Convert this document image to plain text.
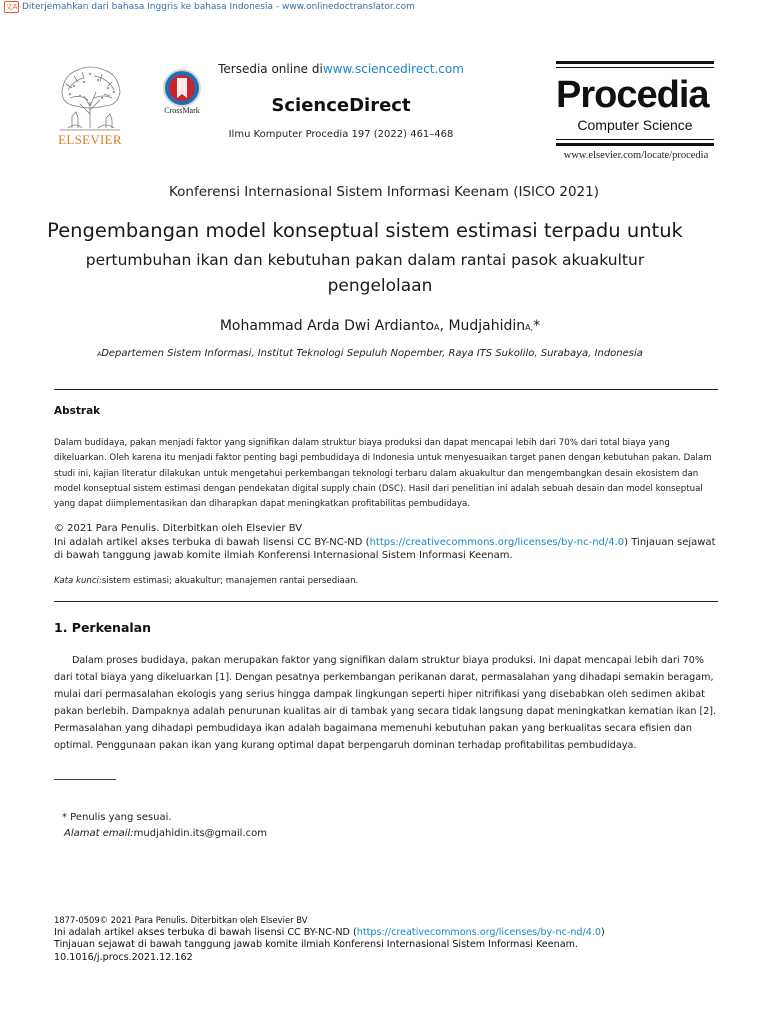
文A Diterjemahkan dari bahasa Inggris ke bahasa Indonesia - www.onlinedoctranslator.com
ELSEVIER
CrossMark
Tersedia online diwww.sciencedirect.com
ScienceDirect
Ilmu Komputer Procedia 197 (2022) 461–468
Procedia
Computer Science
www.elsevier.com/locate/procedia
Konferensi Internasional Sistem Informasi Keenam (ISICO 2021)
Pengembangan model konseptual sistem estimasi terpadu untuk
pertumbuhan ikan dan kebutuhan pakan dalam rantai pasok akuakultur
pengelolaan
Mohammad Arda Dwi ArdiantoA, MudjahidinA,*
ADepartemen Sistem Informasi, Institut Teknologi Sepuluh Nopember, Raya ITS Sukolilo, Surabaya, Indonesia
Abstrak
Dalam budidaya, pakan menjadi faktor yang signifikan dalam struktur biaya produksi dan dapat mencapai lebih dari 70% dari total biaya yang dikeluarkan. Oleh karena itu menjadi faktor penting bagi pembudidaya di Indonesia untuk menyesuaikan target panen dengan kebutuhan pakan. Dalam studi ini, kajian literatur dilakukan untuk mengetahui perkembangan teknologi terbaru dalam akuakultur dan mengembangkan desain ekosistem dan model konseptual sistem estimasi dengan pendekatan digital supply chain (DSC). Hasil dari penelitian ini adalah sebuah desain dan model konseptual yang dapat diimplementasikan dan diharapkan dapat meningkatkan profitabilitas pembudidaya.
© 2021 Para Penulis. Diterbitkan oleh Elsevier BV
Ini adalah artikel akses terbuka di bawah lisensi CC BY-NC-ND (https://creativecommons.org/licenses/by-nc-nd/4.0) Tinjauan sejawat di bawah tanggung jawab komite ilmiah Konferensi Internasional Sistem Informasi Keenam.
Kata kunci:sistem estimasi; akuakultur; manajemen rantai persediaan.
1. Perkenalan
Dalam proses budidaya, pakan merupakan faktor yang signifikan dalam struktur biaya produksi. Ini dapat mencapai lebih dari 70% dari total biaya yang dikeluarkan [1]. Dengan pesatnya perkembangan perikanan darat, permasalahan yang dihadapi semakin beragam, mulai dari permasalahan ekologis yang serius hingga dampak lingkungan seperti hiper nitrifikasi yang disebabkan oleh sedimen akibat pakan berlebih. Dampaknya adalah penurunan kualitas air di tambak yang secara tidak langsung dapat meningkatkan kematian ikan [2]. Permasalahan yang dihadapi pembudidaya ikan adalah bagaimana memenuhi kebutuhan pakan yang berkualitas secara efisien dan optimal. Penggunaan pakan ikan yang kurang optimal dapat berpengaruh dominan terhadap profitabilitas pembudidaya.
* Penulis yang sesuai.
Alamat email:mudjahidin.its@gmail.com
1877-0509© 2021 Para Penulis. Diterbitkan oleh Elsevier BV
Ini adalah artikel akses terbuka di bawah lisensi CC BY-NC-ND (https://creativecommons.org/licenses/by-nc-nd/4.0)
Tinjauan sejawat di bawah tanggung jawab komite ilmiah Konferensi Internasional Sistem Informasi Keenam.
10.1016/j.procs.2021.12.162
